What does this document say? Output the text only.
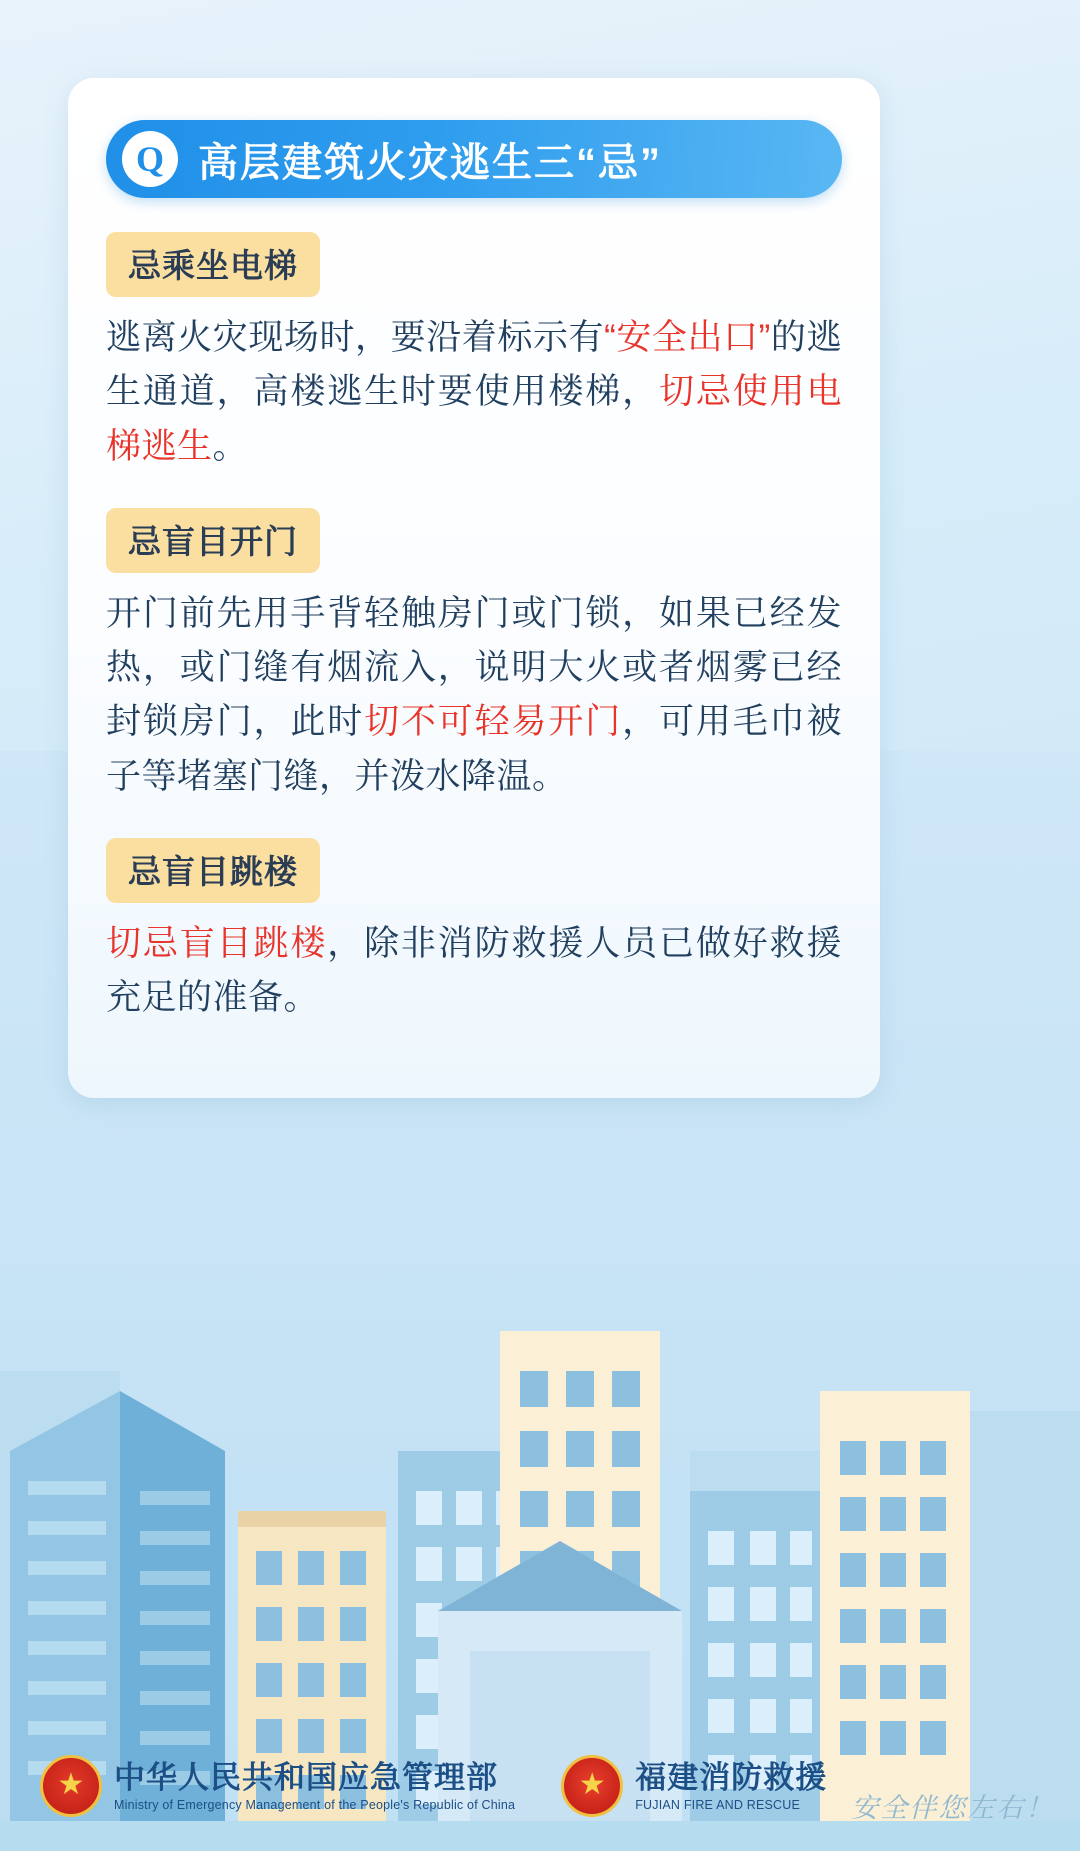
Q 高层建筑火灾逃生三“忌”
忌乘坐电梯

逃离火灾现场时，要沿着标示有“安全出口”的逃生通道，高楼逃生时要使用楼梯，切忌使用电梯逃生。

忌盲目开门

开门前先用手背轻触房门或门锁，如果已经发热，或门缝有烟流入，说明大火或者烟雾已经封锁房门，此时切不可轻易开门，可用毛巾被子等堵塞门缝，并泼水降温。

忌盲目跳楼

切忌盲目跳楼，除非消防救援人员已做好救援充足的准备。

★
中华人民共和国应急管理部
Ministry of Emergency Management of the People's Republic of China
★
福建消防救援
FUJIAN FIRE AND RESCUE	安全伴您左右！
